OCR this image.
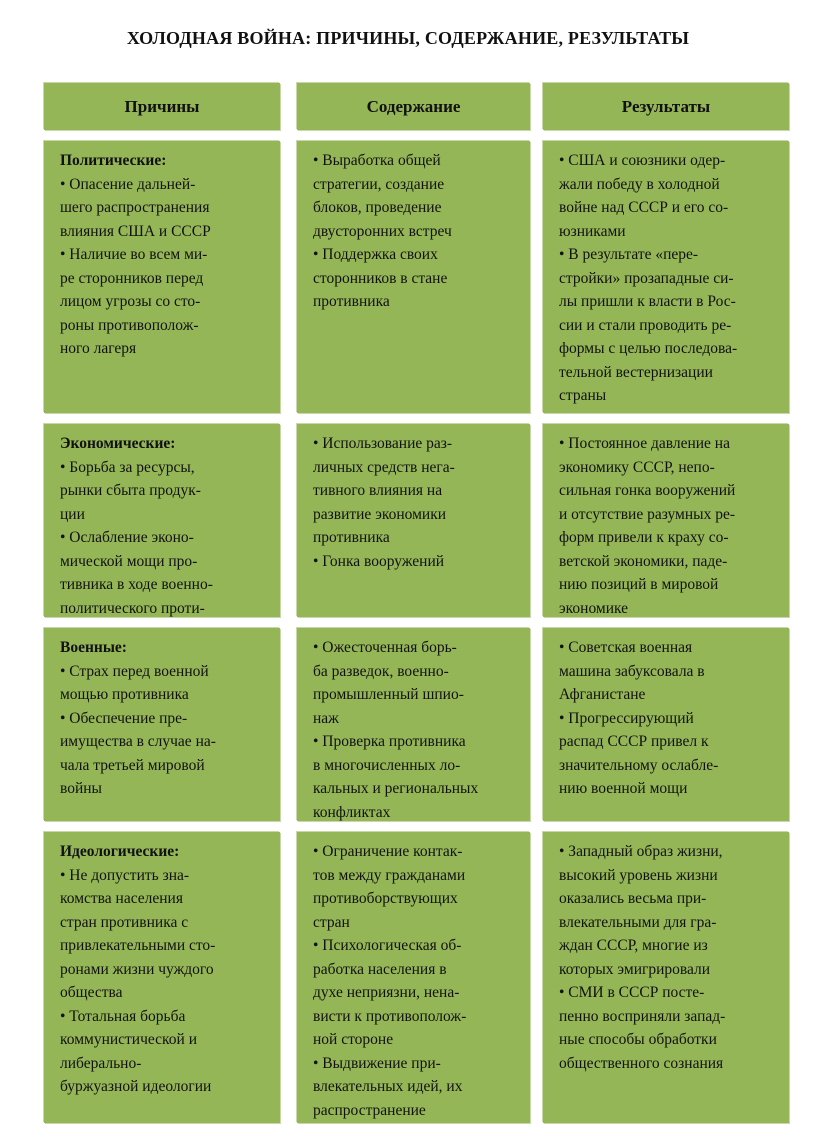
ХОЛОДНАЯ ВОЙНА: ПРИЧИНЫ, СОДЕРЖАНИЕ, РЕЗУЛЬТАТЫ
Причины	Содержание	Результаты
Политические:
• Опасение дальней-
шего распространения
влияния США и СССР
• Наличие во всем ми-
ре сторонников перед
лицом угрозы со сто-
роны противополож-
ного лагеря
• Выработка общей
стратегии, создание
блоков, проведение
двусторонних встреч
• Поддержка своих
сторонников в стане
противника
• США и союзники одер-
жали победу в холодной
войне над СССР и его со-
юзниками
• В результате «пере-
стройки» прозападные си-
лы пришли к власти в Рос-
сии и стали проводить ре-
формы с целью последова-
тельной вестернизации
страны
Экономические:
• Борьба за ресурсы,
рынки сбыта продук-
ции
• Ослабление эконо-
мической мощи про-
тивника в ходе военно-
политического проти-
• Использование раз-
личных средств нега-
тивного влияния на
развитие экономики
противника
• Гонка вооружений
• Постоянное давление на
экономику СССР, непо-
сильная гонка вооружений
и отсутствие разумных ре-
форм привели к краху со-
ветской экономики, паде-
нию позиций в мировой
экономике
Военные:
• Страх перед военной
мощью противника
• Обеспечение пре-
имущества в случае на-
чала третьей мировой
войны
• Ожесточенная борь-
ба разведок, военно-
промышленный шпио-
наж
• Проверка противника
в многочисленных ло-
кальных и региональных
конфликтах
• Советская военная
машина забуксовала в
Афганистане
• Прогрессирующий
распад СССР привел к
значительному ослабле-
нию военной мощи
Идеологические:
• Не допустить зна-
комства населения
стран противника с
привлекательными сто-
ронами жизни чуждого
общества
• Тотальная борьба
коммунистической и
либерально-
буржуазной идеологии
• Ограничение контак-
тов между гражданами
противоборствующих
стран
• Психологическая об-
работка населения в
духе неприязни, нена-
висти к противополож-
ной стороне
• Выдвижение при-
влекательных идей, их
распространение
• Западный образ жизни,
высокий уровень жизни
оказались весьма при-
влекательными для гра-
ждан СССР, многие из
которых эмигрировали
• СМИ в СССР посте-
пенно восприняли запад-
ные способы обработки
общественного сознания
